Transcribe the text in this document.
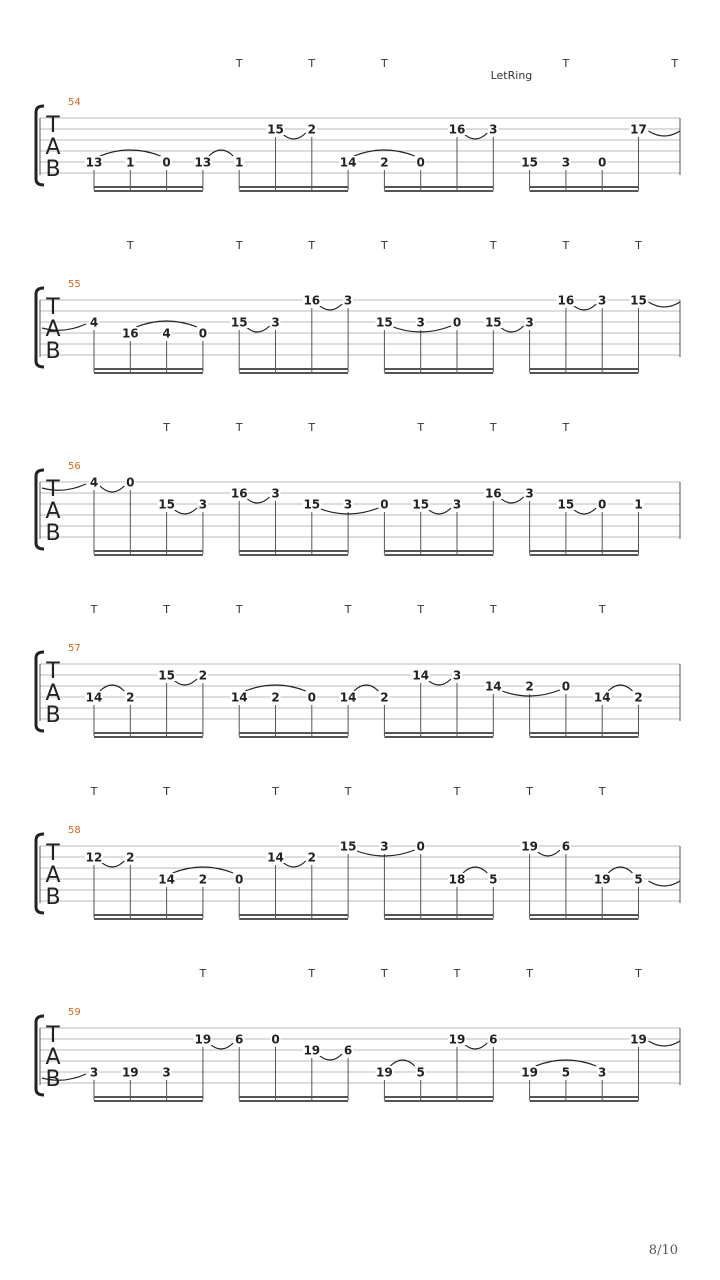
54
T	T	T	T	T
LetRing
T
A
B 13 1 0 13 1
15 2
14 2 0
16 3
15 3 0
17
55
T	T	T	T	T	T	T
T
A
B
4
16 4 0
15 3
16 3
15 3 0 15 3
16 3 15
56
T	T	T	T	T	T
T
A
B
4 0
15 3
16 3
15 3 0 15 3
16 3
15 0 1
57
T	T	T	T	T	T	T
T
A
B
14 2
15 2
14 2 0 14 2
14 3
14 2 0
14 2
58
T	T	T	T	T	T	T
T
A
B
12 2
14 2 0
14 2
15 3 0
18 5
19 6
19 5
59
T	T	T	T	T	T
T
A
B 3 19 3
19 6 0
19 6
19 5
19 6
19 5 3
19
8/10
